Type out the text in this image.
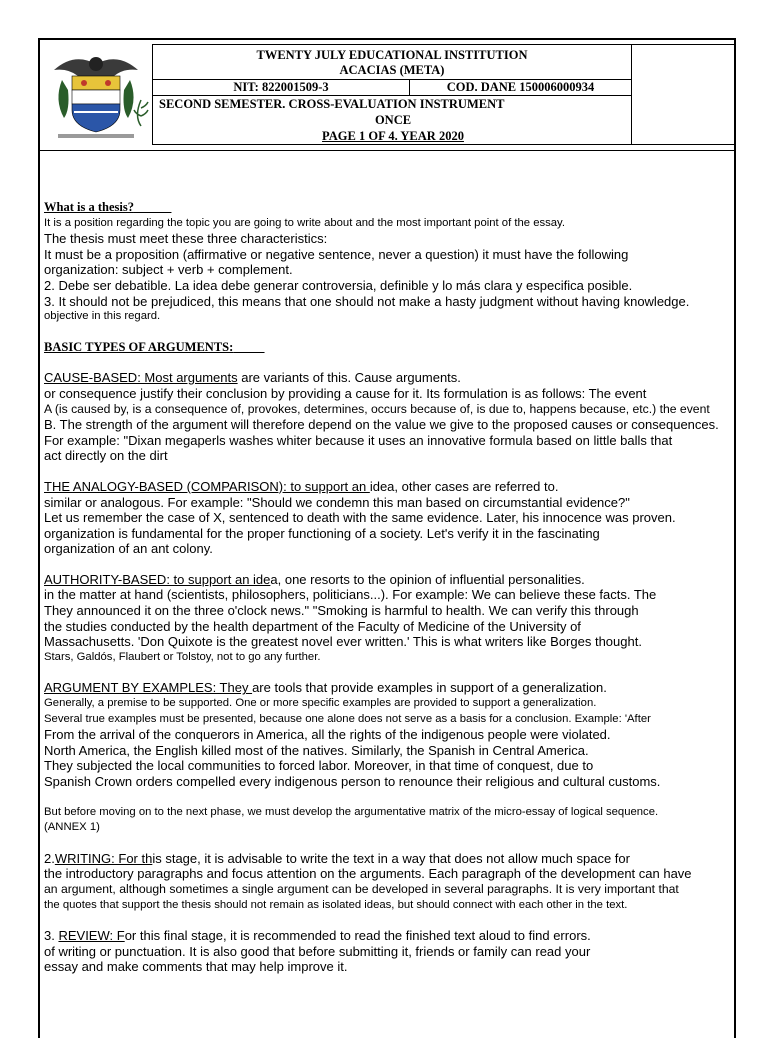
TWENTY JULY EDUCATIONAL INSTITUTION
ACACIAS (META)		

NIT: 822001509-3	COD. DANE 150006000934	

SECOND SEMESTER. CROSS-EVALUATION INSTRUMENT
ONCE
PAGE 1 OF 4. YEAR 2020		

What is a thesis?

It is a position regarding the topic you are going to write about and the most important point of the essay.

The thesis must meet these three characteristics:

It must be a proposition (affirmative or negative sentence, never a question) it must have the following

organization: subject + verb + complement.

2. Debe ser debatible. La idea debe generar controversia, definible y lo más clara y especifica posible.

3. It should not be prejudiced, this means that one should not make a hasty judgment without having knowledge.

objective in this regard.

BASIC TYPES OF ARGUMENTS:

CAUSE-BASED: Most arguments are variants of this. Cause arguments.

or consequence justify their conclusion by providing a cause for it. Its formulation is as follows: The event

A (is caused by, is a consequence of, provokes, determines, occurs because of, is due to, happens because, etc.) the event

B. The strength of the argument will therefore depend on the value we give to the proposed causes or consequences.

For example: "Dixan megaperls washes whiter because it uses an innovative formula based on little balls that

act directly on the dirt

THE ANALOGY-BASED (COMPARISON): to support an idea, other cases are referred to.

similar or analogous. For example: "Should we condemn this man based on circumstantial evidence?"

Let us remember the case of X, sentenced to death with the same evidence. Later, his innocence was proven.

organization is fundamental for the proper functioning of a society. Let's verify it in the fascinating

organization of an ant colony.

AUTHORITY-BASED: to support an idea, one resorts to the opinion of influential personalities.

in the matter at hand (scientists, philosophers, politicians...). For example: We can believe these facts. The

They announced it on the three o'clock news." "Smoking is harmful to health. We can verify this through

the studies conducted by the health department of the Faculty of Medicine of the University of

Massachusetts. 'Don Quixote is the greatest novel ever written.' This is what writers like Borges thought.

Stars, Galdós, Flaubert or Tolstoy, not to go any further.

ARGUMENT BY EXAMPLES: They are tools that provide examples in support of a generalization.

Generally, a premise to be supported. One or more specific examples are provided to support a generalization.

Several true examples must be presented, because one alone does not serve as a basis for a conclusion. Example: 'After

From the arrival of the conquerors in America, all the rights of the indigenous people were violated.

North America, the English killed most of the natives. Similarly, the Spanish in Central America.

They subjected the local communities to forced labor. Moreover, in that time of conquest, due to

Spanish Crown orders compelled every indigenous person to renounce their religious and cultural customs.

But before moving on to the next phase, we must develop the argumentative matrix of the micro-essay of logical sequence.

(ANNEX 1)

2.WRITING: For this stage, it is advisable to write the text in a way that does not allow much space for

the introductory paragraphs and focus attention on the arguments. Each paragraph of the development can have

an argument, although sometimes a single argument can be developed in several paragraphs. It is very important that

the quotes that support the thesis should not remain as isolated ideas, but should connect with each other in the text.

3. REVIEW: For this final stage, it is recommended to read the finished text aloud to find errors.

of writing or punctuation. It is also good that before submitting it, friends or family can read your

essay and make comments that may help improve it.
